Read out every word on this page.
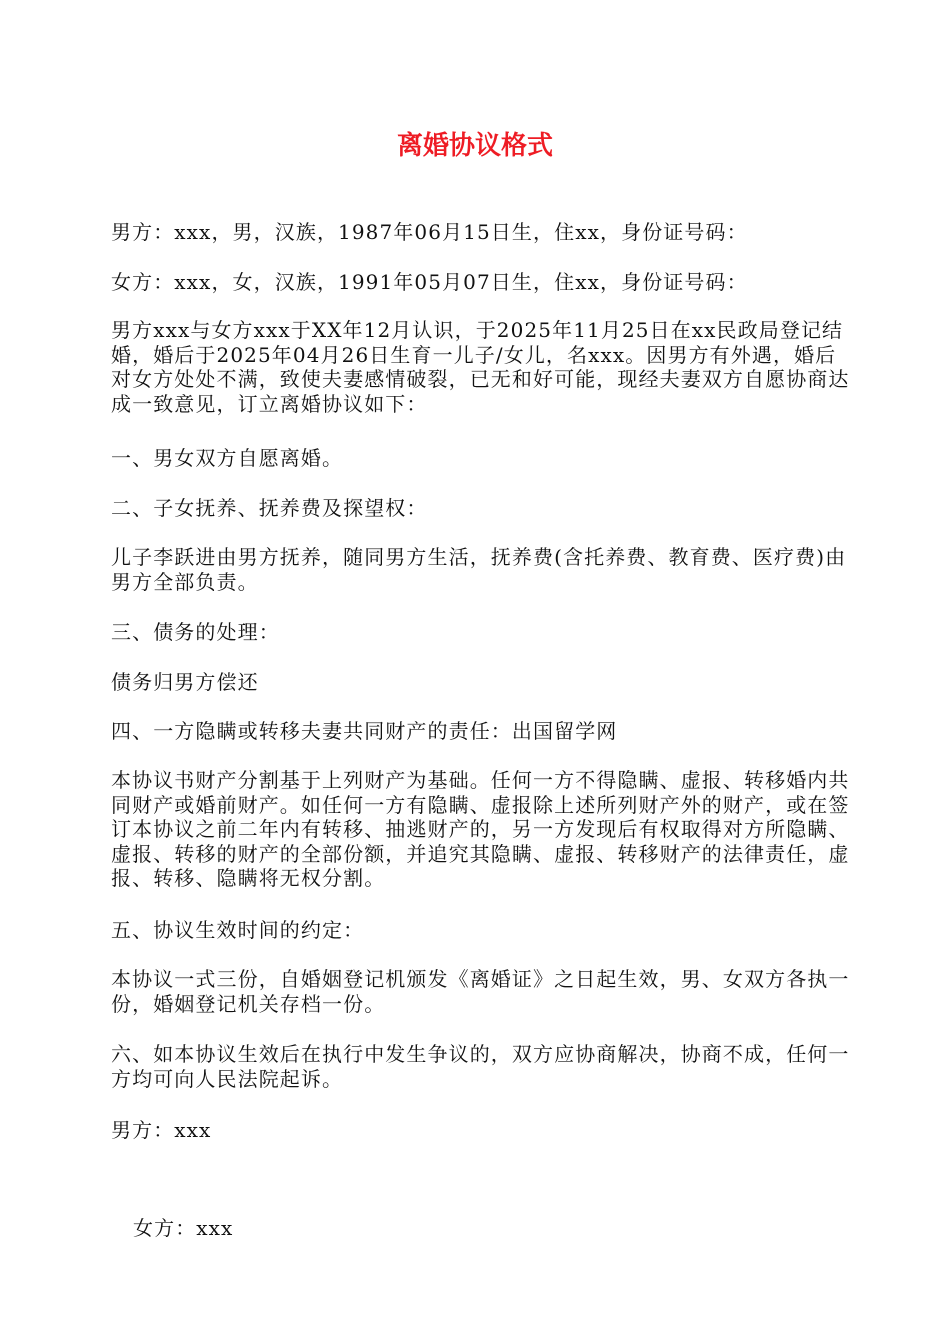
离婚协议格式

男方：xxx，男，汉族，1987年06月15日生，住xx，身份证号码：

女方：xxx，女，汉族，1991年05月07日生，住xx，身份证号码：

男方xxx与女方xxx于XX年12月认识，于2025年11月25日在xx民政局登记结婚，婚后于2025年04月26日生育一儿子/女儿，名xxx。因男方有外遇，婚后对女方处处不满，致使夫妻感情破裂，已无和好可能，现经夫妻双方自愿协商达成一致意见，订立离婚协议如下：

一、男女双方自愿离婚。

二、子女抚养、抚养费及探望权：

儿子李跃进由男方抚养，随同男方生活，抚养费(含托养费、教育费、医疗费)由男方全部负责。

三、债务的处理：

债务归男方偿还

四、一方隐瞒或转移夫妻共同财产的责任：出国留学网

本协议书财产分割基于上列财产为基础。任何一方不得隐瞒、虚报、转移婚内共同财产或婚前财产。如任何一方有隐瞒、虚报除上述所列财产外的财产，或在签订本协议之前二年内有转移、抽逃财产的，另一方发现后有权取得对方所隐瞒、虚报、转移的财产的全部份额，并追究其隐瞒、虚报、转移财产的法律责任，虚报、转移、隐瞒将无权分割。

五、协议生效时间的约定：

本协议一式三份，自婚姻登记机颁发《离婚证》之日起生效，男、女双方各执一份，婚姻登记机关存档一份。

六、如本协议生效后在执行中发生争议的，双方应协商解决，协商不成，任何一方均可向人民法院起诉。

男方：xxx

女方：xxx
